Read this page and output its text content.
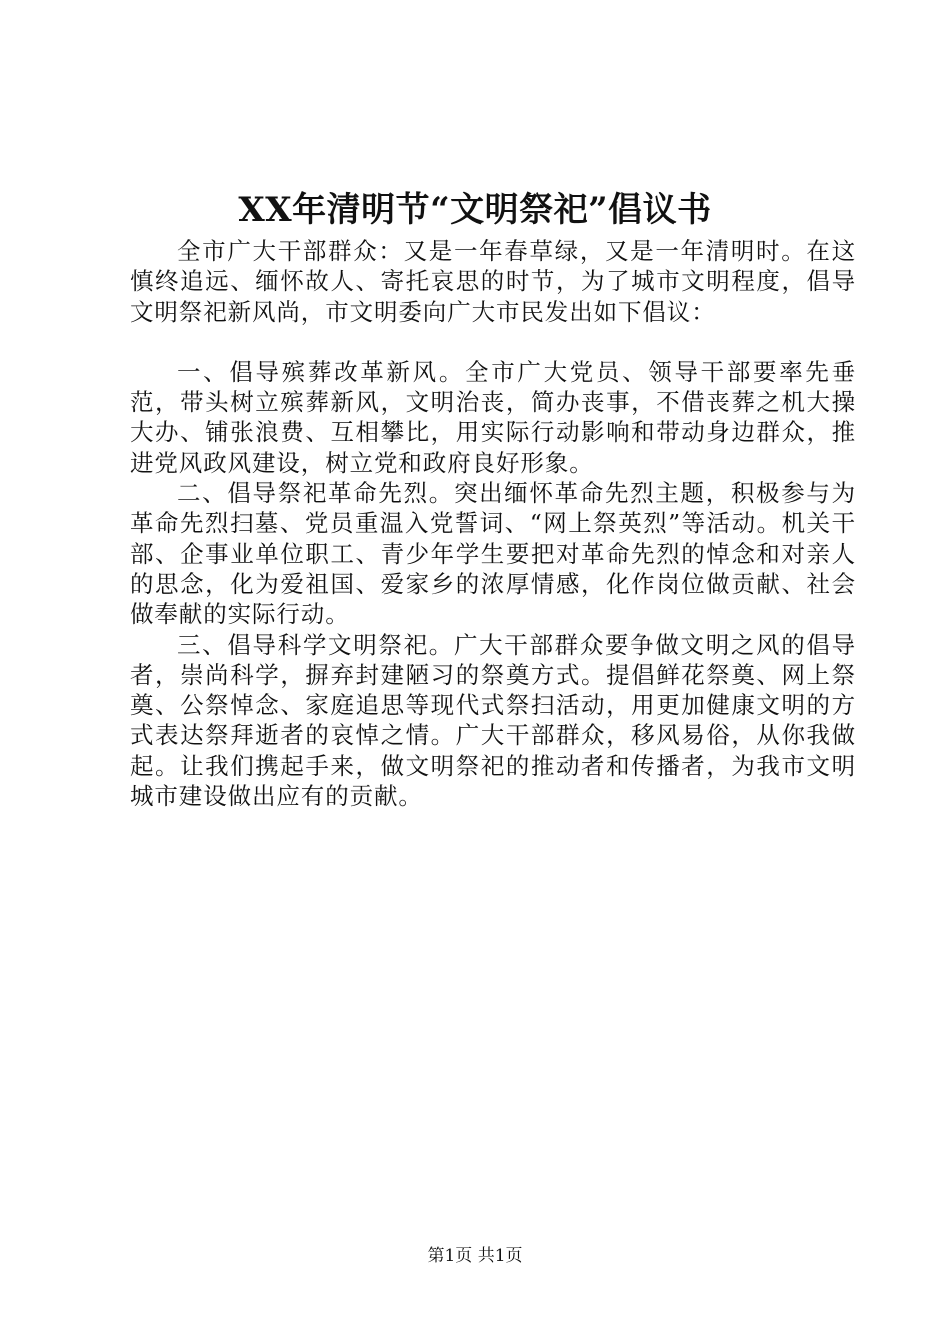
XX年清明节“文明祭祀”倡议书

全市广大干部群众：又是一年春草绿，又是一年清明时。在这慎终追远、缅怀故人、寄托哀思的时节，为了城市文明程度，倡导文明祭祀新风尚，市文明委向广大市民发出如下倡议：

一、倡导殡葬改革新风。全市广大党员、领导干部要率先垂范，带头树立殡葬新风，文明治丧，简办丧事，不借丧葬之机大操大办、铺张浪费、互相攀比，用实际行动影响和带动身边群众，推进党风政风建设，树立党和政府良好形象。

二、倡导祭祀革命先烈。突出缅怀革命先烈主题，积极参与为革命先烈扫墓、党员重温入党誓词、“网上祭英烈”等活动。机关干部、企事业单位职工、青少年学生要把对革命先烈的悼念和对亲人的思念，化为爱祖国、爱家乡的浓厚情感，化作岗位做贡献、社会做奉献的实际行动。

三、倡导科学文明祭祀。广大干部群众要争做文明之风的倡导者，崇尚科学，摒弃封建陋习的祭奠方式。提倡鲜花祭奠、网上祭奠、公祭悼念、家庭追思等现代式祭扫活动，用更加健康文明的方式表达祭拜逝者的哀悼之情。广大干部群众，移风易俗，从你我做起。让我们携起手来，做文明祭祀的推动者和传播者，为我市文明城市建设做出应有的贡献。

第1页 共1页
